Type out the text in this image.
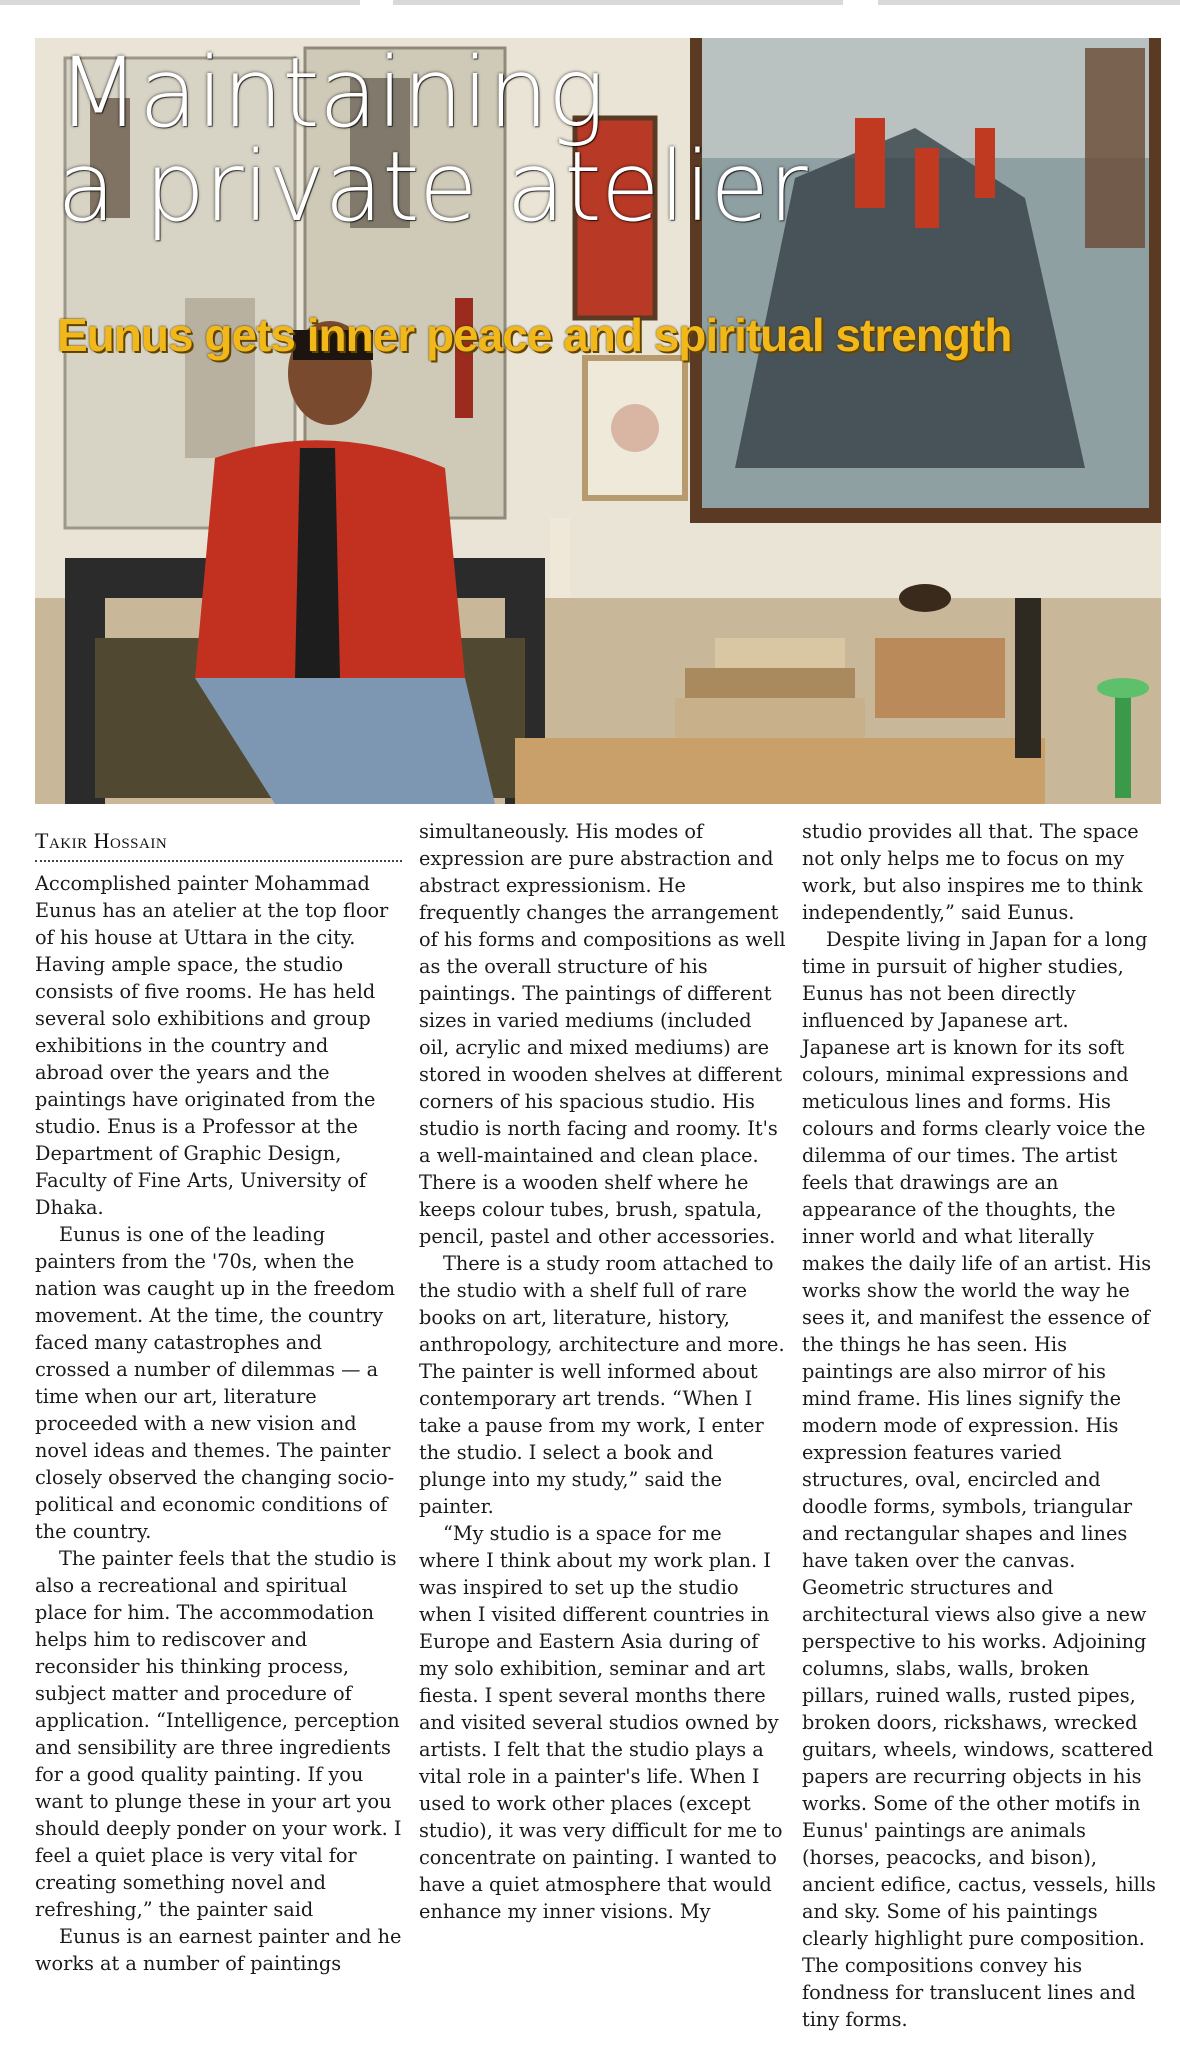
Maintaining
a private atelier
Eunus gets inner peace and spiritual strength
Takir Hossain

Accomplished painter Mohammad Eunus has an atelier at the top floor of his house at Uttara in the city. Having ample space, the studio consists of five rooms. He has held several solo exhibitions and group exhibitions in the country and abroad over the years and the paintings have originated from the studio. Enus is a Professor at the Department of Graphic Design, Faculty of Fine Arts, University of Dhaka.

Eunus is one of the leading painters from the '70s, when the nation was caught up in the freedom movement. At the time, the country faced many catastrophes and crossed a number of dilemmas — a time when our art, literature proceeded with a new vision and novel ideas and themes. The painter closely observed the changing socio-political and economic conditions of the country.

The painter feels that the studio is also a recreational and spiritual place for him. The accommodation helps him to rediscover and reconsider his thinking process, subject matter and procedure of application. “Intelligence, perception and sensibility are three ingredients for a good quality painting. If you want to plunge these in your art you should deeply ponder on your work. I feel a quiet place is very vital for creating something novel and refreshing,” the painter said

Eunus is an earnest painter and he works at a number of paintings

simultaneously. His modes of expression are pure abstraction and abstract expressionism. He frequently changes the arrangement of his forms and compositions as well as the overall structure of his paintings. The paintings of different sizes in varied mediums (included oil, acrylic and mixed mediums) are stored in wooden shelves at different corners of his spacious studio. His studio is north facing and roomy. It's a well-maintained and clean place. There is a wooden shelf where he keeps colour tubes, brush, spatula, pencil, pastel and other accessories.

There is a study room attached to the studio with a shelf full of rare books on art, literature, history, anthropology, architecture and more. The painter is well informed about contemporary art trends. “When I take a pause from my work, I enter the studio. I select a book and plunge into my study,” said the painter.

“My studio is a space for me where I think about my work plan. I was inspired to set up the studio when I visited different countries in Europe and Eastern Asia during of my solo exhibition, seminar and art fiesta. I spent several months there and visited several studios owned by artists. I felt that the studio plays a vital role in a painter's life. When I used to work other places (except studio), it was very difficult for me to concentrate on painting. I wanted to have a quiet atmosphere that would enhance my inner visions. My

studio provides all that. The space not only helps me to focus on my work, but also inspires me to think independently,” said Eunus.

Despite living in Japan for a long time in pursuit of higher studies, Eunus has not been directly influenced by Japanese art. Japanese art is known for its soft colours, minimal expressions and meticulous lines and forms. His colours and forms clearly voice the dilemma of our times. The artist feels that drawings are an appearance of the thoughts, the inner world and what literally makes the daily life of an artist. His works show the world the way he sees it, and manifest the essence of the things he has seen. His paintings are also mirror of his mind frame. His lines signify the modern mode of expression. His expression features varied structures, oval, encircled and doodle forms, symbols, triangular and rectangular shapes and lines have taken over the canvas. Geometric structures and architectural views also give a new perspective to his works. Adjoining columns, slabs, walls, broken pillars, ruined walls, rusted pipes, broken doors, rickshaws, wrecked guitars, wheels, windows, scattered papers are recurring objects in his works. Some of the other motifs in Eunus' paintings are animals (horses, peacocks, and bison), ancient edifice, cactus, vessels, hills and sky. Some of his paintings clearly highlight pure composition. The compositions convey his fondness for translucent lines and tiny forms.
